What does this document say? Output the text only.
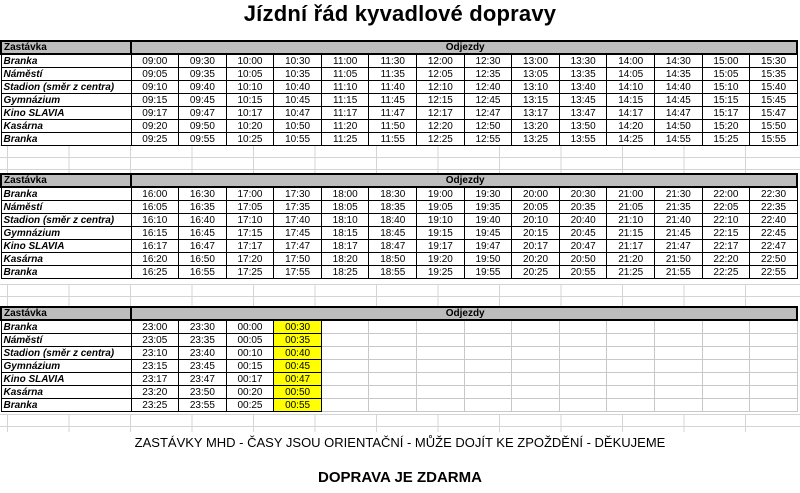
Jízdní řád kyvadlové dopravy
Zastávka	Odjezdy													
Branka	09:00	09:30	10:00	10:30	11:00	11:30	12:00	12:30	13:00	13:30	14:00	14:30	15:00	15:30
Náměstí	09:05	09:35	10:05	10:35	11:05	11:35	12:05	12:35	13:05	13:35	14:05	14:35	15:05	15:35
Stadion (směr z centra)	09:10	09:40	10:10	10:40	11:10	11:40	12:10	12:40	13:10	13:40	14:10	14:40	15:10	15:40
Gymnázium	09:15	09:45	10:15	10:45	11:15	11:45	12:15	12:45	13:15	13:45	14:15	14:45	15:15	15:45
Kino SLAVIA	09:17	09:47	10:17	10:47	11:17	11:47	12:17	12:47	13:17	13:47	14:17	14:47	15:17	15:47
Kasárna	09:20	09:50	10:20	10:50	11:20	11:50	12:20	12:50	13:20	13:50	14:20	14:50	15:20	15:50
Branka	09:25	09:55	10:25	10:55	11:25	11:55	12:25	12:55	13:25	13:55	14:25	14:55	15:25	15:55
Zastávka	Odjezdy													
Branka	16:00	16:30	17:00	17:30	18:00	18:30	19:00	19:30	20:00	20:30	21:00	21:30	22:00	22:30
Náměstí	16:05	16:35	17:05	17:35	18:05	18:35	19:05	19:35	20:05	20:35	21:05	21:35	22:05	22:35
Stadion (směr z centra)	16:10	16:40	17:10	17:40	18:10	18:40	19:10	19:40	20:10	20:40	21:10	21:40	22:10	22:40
Gymnázium	16:15	16:45	17:15	17:45	18:15	18:45	19:15	19:45	20:15	20:45	21:15	21:45	22:15	22:45
Kino SLAVIA	16:17	16:47	17:17	17:47	18:17	18:47	19:17	19:47	20:17	20:47	21:17	21:47	22:17	22:47
Kasárna	16:20	16:50	17:20	17:50	18:20	18:50	19:20	19:50	20:20	20:50	21:20	21:50	22:20	22:50
Branka	16:25	16:55	17:25	17:55	18:25	18:55	19:25	19:55	20:25	20:55	21:25	21:55	22:25	22:55
Zastávka	Odjezdy													
Branka	23:00	23:30	00:00	00:30										
Náměstí	23:05	23:35	00:05	00:35										
Stadion (směr z centra)	23:10	23:40	00:10	00:40										
Gymnázium	23:15	23:45	00:15	00:45										
Kino SLAVIA	23:17	23:47	00:17	00:47										
Kasárna	23:20	23:50	00:20	00:50										
Branka	23:25	23:55	00:25	00:55										
ZASTÁVKY MHD - ČASY JSOU ORIENTAČNÍ - MŮŽE DOJÍT KE ZPOŽDĚNÍ - DĚKUJEME
DOPRAVA JE ZDARMA
